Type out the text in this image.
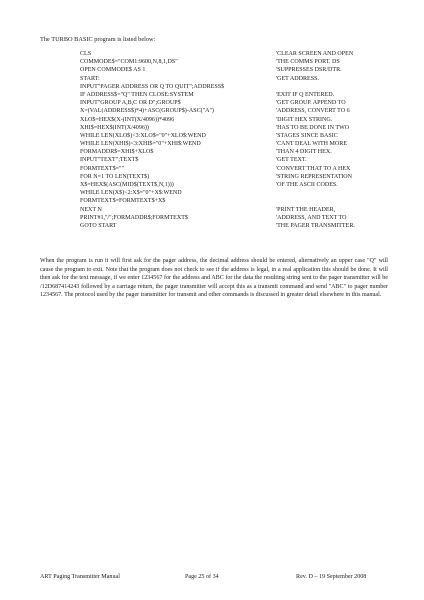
The TURBO BASIC program is listed below:
CLS	'CLEAR SCREEN AND OPEN
COMMODE$="COM1:9600,N,8,1,DS"	'THE COMMS PORT. DS
OPEN COMMODE$ AS 1	'SUPPRESSES DSR/DTR.
START:	'GET ADDRESS.
INPUT"PAGER ADDRESS OR Q TO QUIT";ADDRESS$
IF ADDRESS$="Q" THEN CLOSE:SYSTEM	'EXIT IF Q ENTERED.
INPUT"GROUP A,B,C OR D";GROUP$	'GET GROUP. APPEND TO
X=(VAL(ADDRESS$)*4)+ASC(GROUP$)-ASC("A")	'ADDRESS, CONVERT TO 6
XLO$=HEX$(X-(INT(X/4096))*4096	'DIGIT HEX STRING.
XHI$=HEX$(INT(X/4096))	'HAS TO BE DONE IN TWO
WHILE LEN(XLO$)<3:XLO$="0"+XLO$:WEND	'STAGES SINCE BASIC
WHILE LEN(XHI$)<3:XHI$="0"+XHI$:WEND	'CANT DEAL WITH MORE
FORMADDR$=XHI$+XLO$	'THAN 4 DIGIT HEX.
INPUT"TEXT";TEXT$	'GET TEXT.
FORMTEXT$=""	'CONVERT THAT TO A HEX
FOR N=1 TO LEN(TEXT$)	'STRING REPRESENTATION
X$=HEX$(ASC(MID$(TEXT$,N,1)))	'OF THE ASCII CODES.
WHILE LEN(X$)<2:X$="0"+X$:WEND
FORMTEXT$=FORMTEXT$+X$
NEXT N	'PRINT THE HEADER,
PRINT#1,"/";FORMADDR$;FORMTEXT$	'ADDRESS, AND TEXT TO
GOTO START	'THE PAGER TRANSMITTER.
When the program is run it will first ask for the pager address, the decimal address should be entered, alternatively an upper case "Q" will cause the program to exit. Note that the program does not check to see if the address is legal, in a real application this should be done. It will then ask for the text message, if we enter 1234567 for the address and ABC for the data the resulting string sent to the pager transmitter will be /12D687414243 followed by a carriage return, the pager transmitter will accept this as a transmit command and send "ABC" to pager number 1234567. The protocol used by the pager transmitter for transmit and other commands is discussed in greater detail elsewhere in this manual.
ART Paging Transmitter Manual	Page 25 of 34	Rev. D – 19 September 2008
